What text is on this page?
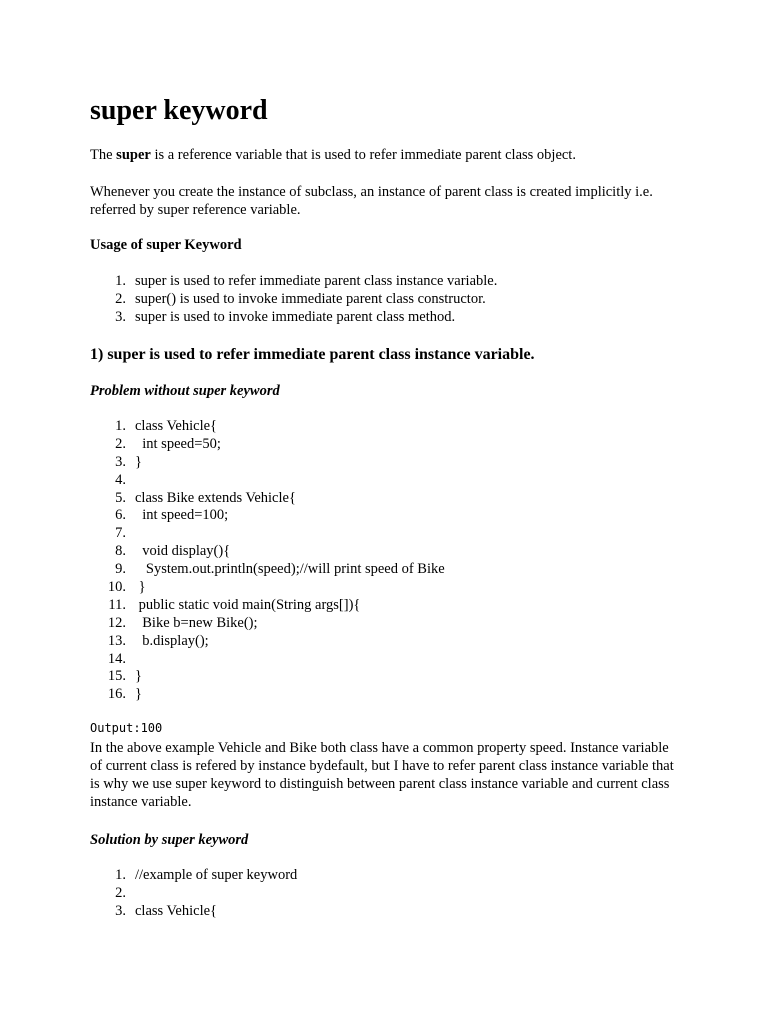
super keyword

The super is a reference variable that is used to refer immediate parent class object.

Whenever you create the instance of subclass, an instance of parent class is created implicitly i.e. referred by super reference variable.

Usage of super Keyword

1. super is used to refer immediate parent class instance variable.
2. super() is used to invoke immediate parent class constructor.
3. super is used to invoke immediate parent class method.
1) super is used to refer immediate parent class instance variable.

Problem without super keyword

1. class Vehicle{
2. int speed=50;
3. }
4.
5. class Bike extends Vehicle{
6. int speed=100;
7.
8. void display(){
9. System.out.println(speed);//will print speed of Bike
10. }
11. public static void main(String args[]){
12. Bike b=new Bike();
13. b.display();
14.
15. }
16. }

Output:100

In the above example Vehicle and Bike both class have a common property speed. Instance variable of current class is refered by instance bydefault, but I have to refer parent class instance variable that is why we use super keyword to distinguish between parent class instance variable and current class instance variable.

Solution by super keyword

1. //example of super keyword
2.
3. class Vehicle{
